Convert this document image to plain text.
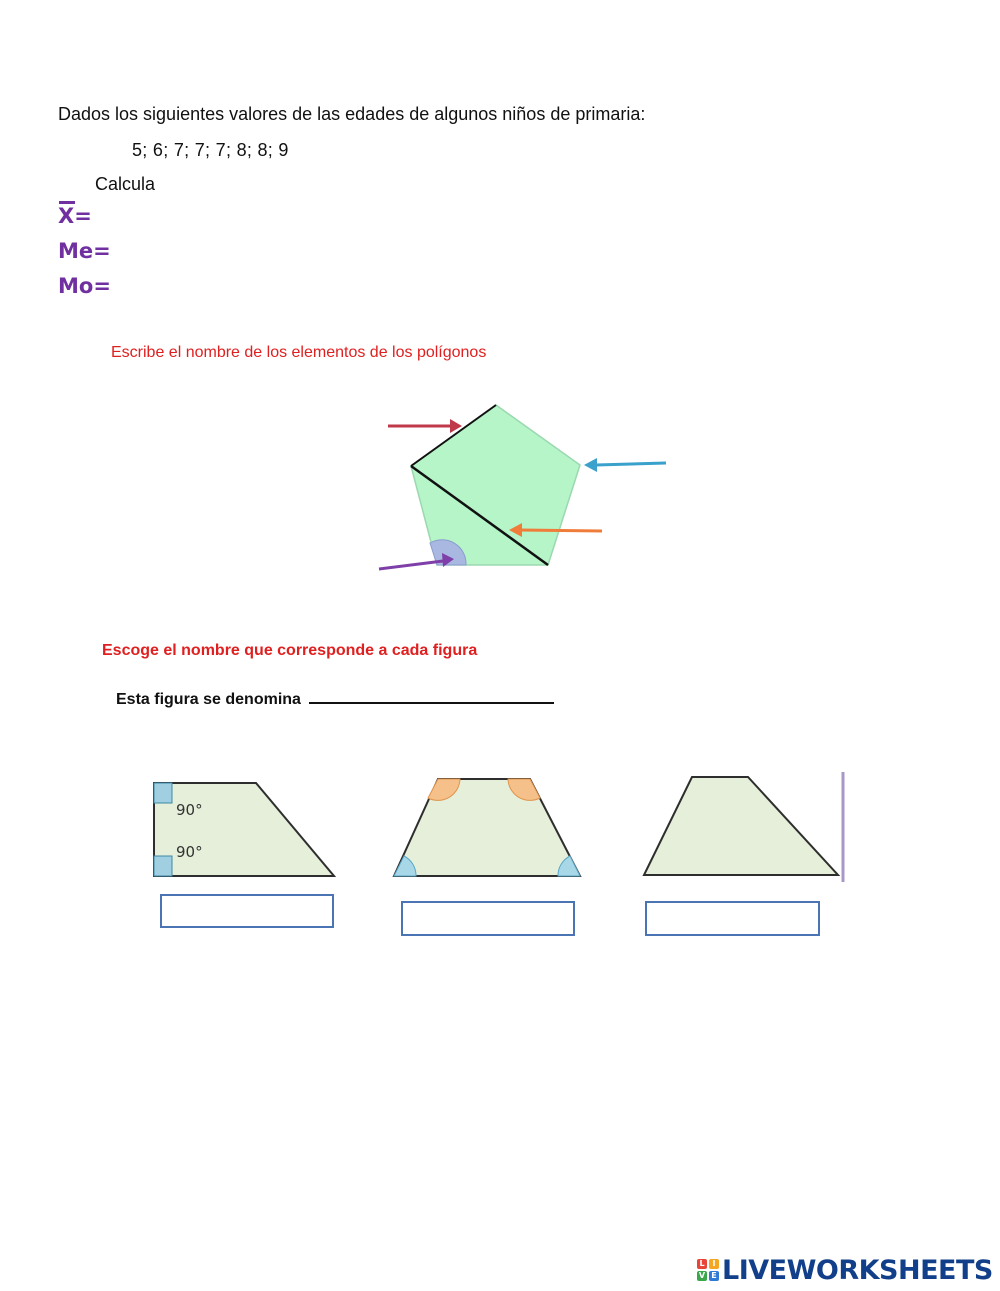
Dados los siguientes valores de las edades de algunos niños de primaria:

5; 6; 7; 7; 7; 8; 8; 9

Calcula

X=

Me=

Mo=

Escribe el nombre de los elementos de los polígonos

Escoge el nombre que corresponde a cada figura

Esta figura se denomina

90°
90°
L I
V E LIVEWORKSHEETS
